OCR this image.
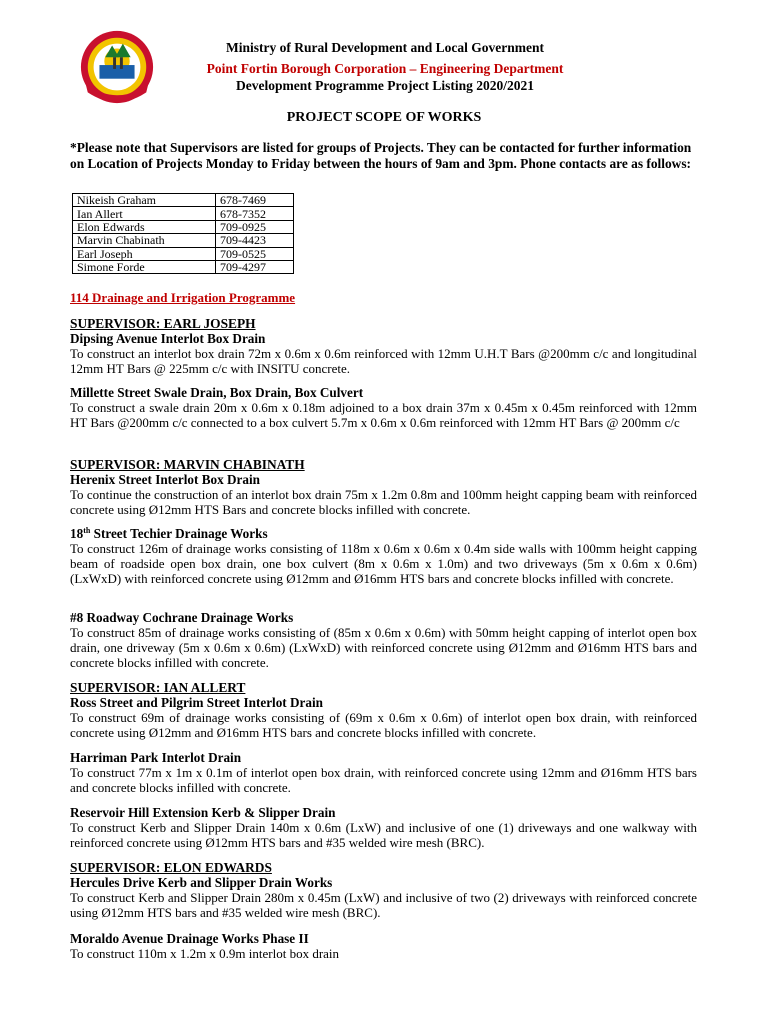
Ministry of Rural Development and Local Government
Point Fortin Borough Corporation – Engineering Department
Development Programme Project Listing 2020/2021
PROJECT SCOPE OF WORKS
*Please note that Supervisors are listed for groups of Projects. They can be contacted for further information on Location of Projects Monday to Friday between the hours of 9am and 3pm. Phone contacts are as follows:
Nikeish Graham	678-7469
Ian Allert	678-7352
Elon Edwards	709-0925
Marvin Chabinath	709-4423
Earl Joseph	709-0525
Simone Forde	709-4297
114 Drainage and Irrigation Programme
SUPERVISOR: EARL JOSEPH
Dipsing Avenue Interlot Box Drain
To construct an interlot box drain 72m x 0.6m x 0.6m reinforced with 12mm U.H.T Bars @200mm c/c and longitudinal 12mm HT Bars @ 225mm c/c with INSITU concrete.
Millette Street Swale Drain, Box Drain, Box Culvert
To construct a swale drain 20m x 0.6m x 0.18m adjoined to a box drain 37m x 0.45m x 0.45m reinforced with 12mm HT Bars @200mm c/c connected to a box culvert 5.7m x 0.6m x 0.6m reinforced with 12mm HT Bars @ 200mm c/c
SUPERVISOR: MARVIN CHABINATH
Herenix Street Interlot Box Drain
To continue the construction of an interlot box drain 75m x 1.2m 0.8m and 100mm height capping beam with reinforced concrete using Ø12mm HTS Bars and concrete blocks infilled with concrete.
18th Street Techier Drainage Works
To construct 126m of drainage works consisting of 118m x 0.6m x 0.6m x 0.4m side walls with 100mm height capping beam of roadside open box drain, one box culvert (8m x 0.6m x 1.0m) and two driveways (5m x 0.6m x 0.6m) (LxWxD) with reinforced concrete using Ø12mm and Ø16mm HTS bars and concrete blocks infilled with concrete.
#8 Roadway Cochrane Drainage Works
To construct 85m of drainage works consisting of (85m x 0.6m x 0.6m) with 50mm height capping of interlot open box drain, one driveway (5m x 0.6m x 0.6m) (LxWxD) with reinforced concrete using Ø12mm and Ø16mm HTS bars and concrete blocks infilled with concrete.
SUPERVISOR: IAN ALLERT
Ross Street and Pilgrim Street Interlot Drain
To construct 69m of drainage works consisting of (69m x 0.6m x 0.6m) of interlot open box drain, with reinforced concrete using Ø12mm and Ø16mm HTS bars and concrete blocks infilled with concrete.
Harriman Park Interlot Drain
To construct 77m x 1m x 0.1m of interlot open box drain, with reinforced concrete using 12mm and Ø16mm HTS bars and concrete blocks infilled with concrete.
Reservoir Hill Extension Kerb & Slipper Drain
To construct Kerb and Slipper Drain 140m x 0.6m (LxW) and inclusive of one (1) driveways and one walkway with reinforced concrete using Ø12mm HTS bars and #35 welded wire mesh (BRC).
SUPERVISOR: ELON EDWARDS
Hercules Drive Kerb and Slipper Drain Works
To construct Kerb and Slipper Drain 280m x 0.45m (LxW) and inclusive of two (2) driveways with reinforced concrete using Ø12mm HTS bars and #35 welded wire mesh (BRC).
Moraldo Avenue Drainage Works Phase II
To construct 110m x 1.2m x 0.9m interlot box drain
